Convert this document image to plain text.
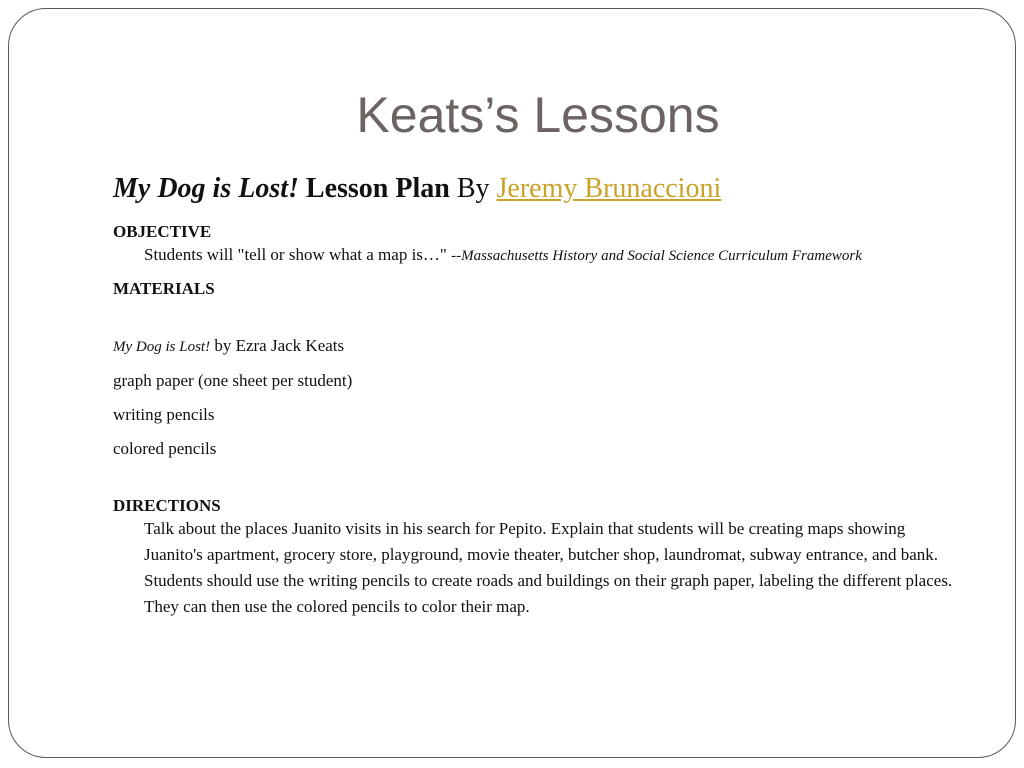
Keats’s Lessons

My Dog is Lost! Lesson Plan By Jeremy Brunaccioni

OBJECTIVE

Students will "tell or show what a map is…" --Massachusetts History and Social Science Curriculum Framework

MATERIALS

My Dog is Lost! by Ezra Jack Keats

graph paper (one sheet per student)

writing pencils

colored pencils

DIRECTIONS

Talk about the places Juanito visits in his search for Pepito. Explain that students will be creating maps showing Juanito's apartment, grocery store, playground, movie theater, butcher shop, laundromat, subway entrance, and bank. Students should use the writing pencils to create roads and buildings on their graph paper, labeling the different places. They can then use the colored pencils to color their map.
